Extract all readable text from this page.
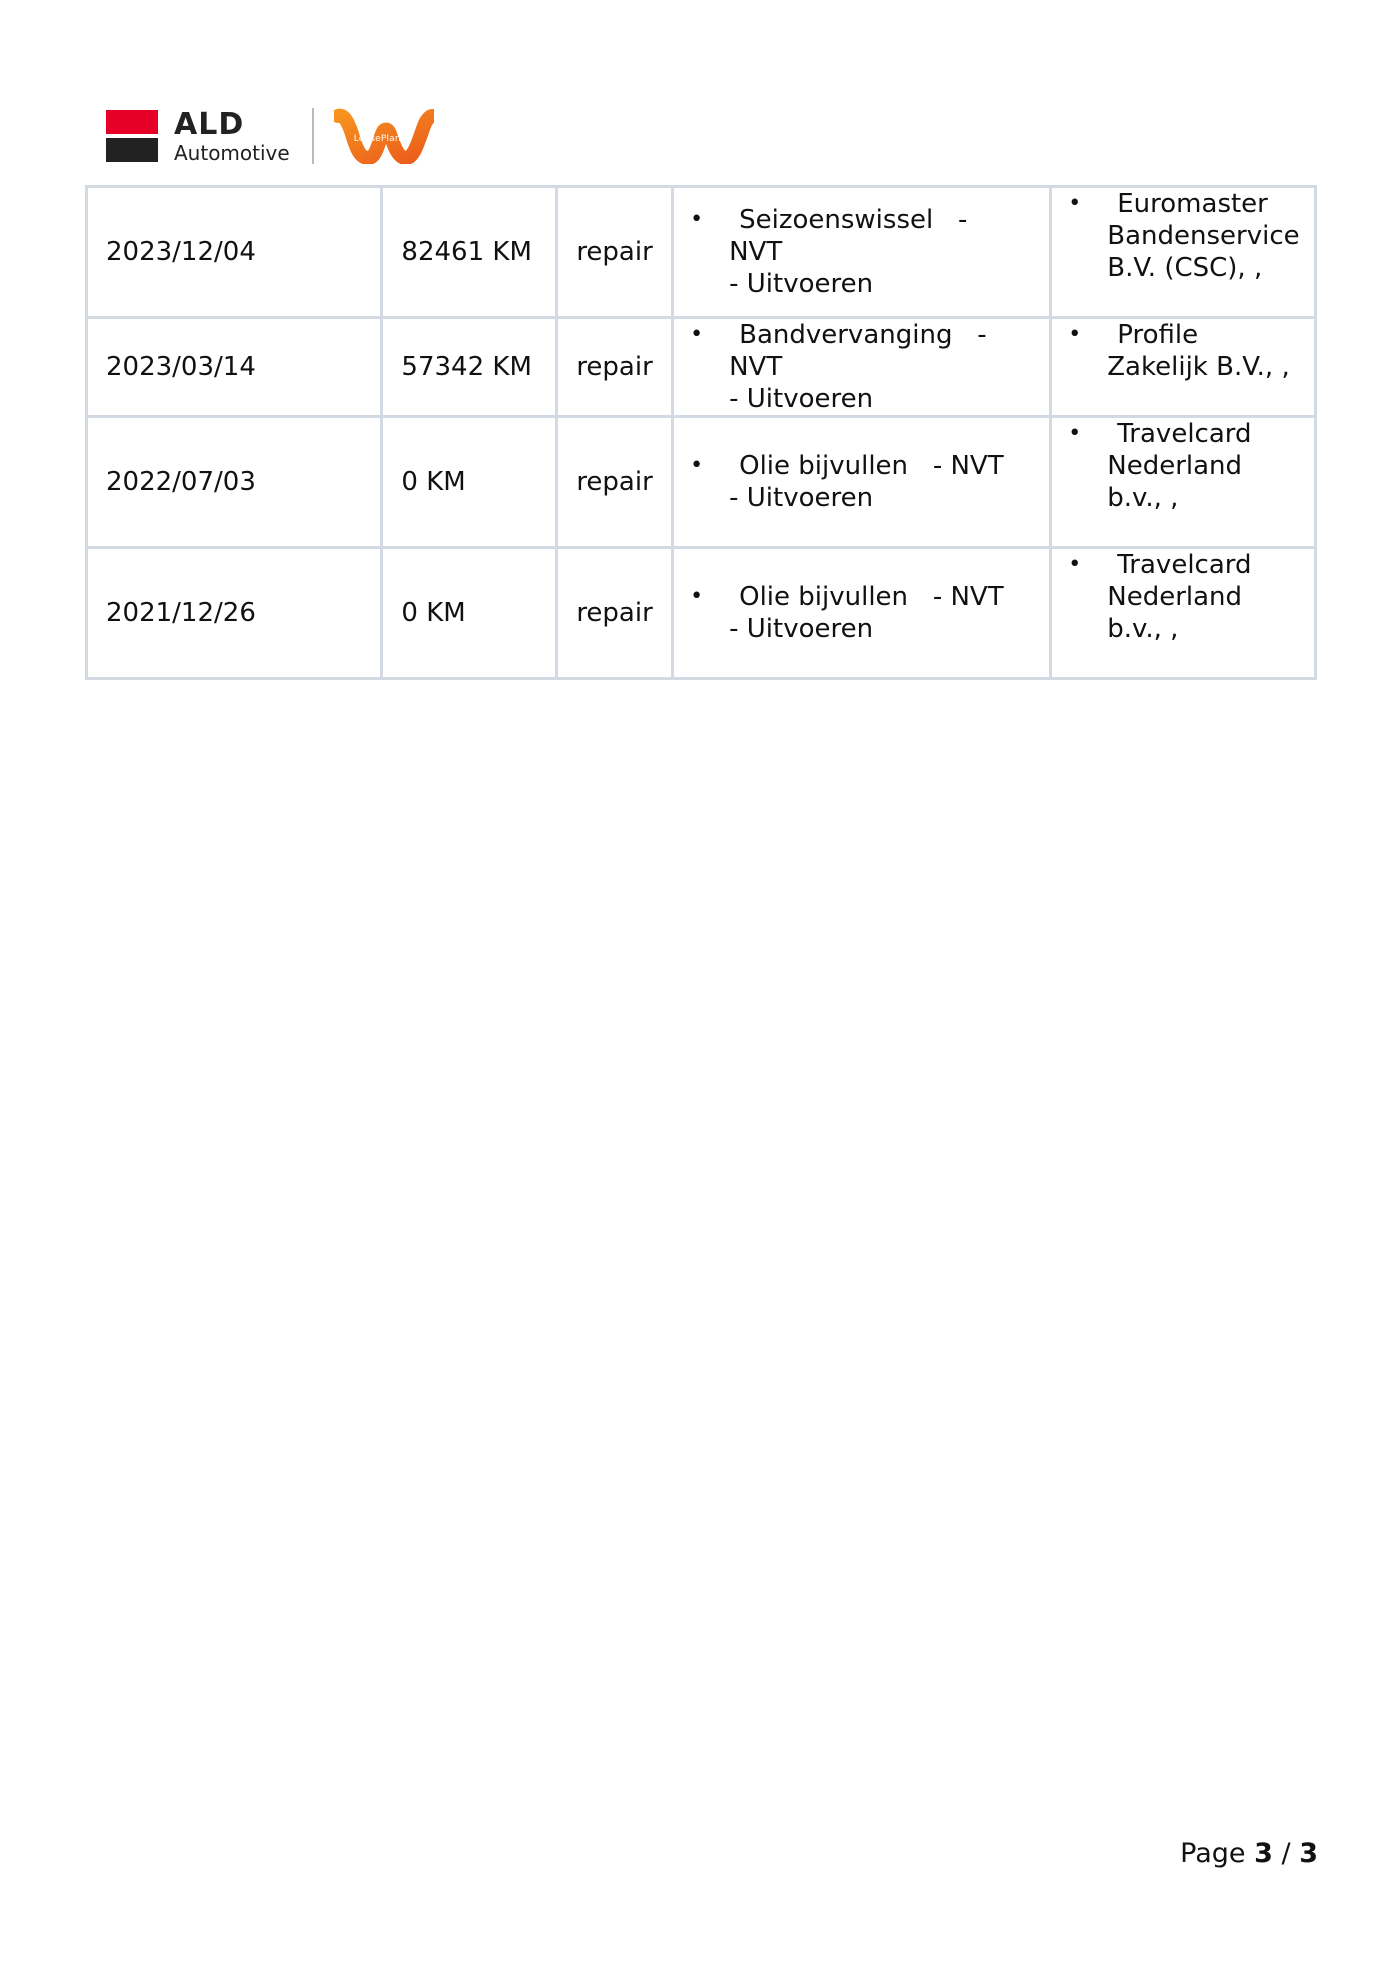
ALD
Automotive
LeasePlan
2023/12/04	82461 KM	repair	• Seizoenswissel   -
NVT
- Uitvoeren	• Euromaster
Bandenservice
B.V. (CSC), ,

2023/03/14	57342 KM	repair	• Bandvervanging   -
NVT
- Uitvoeren	• Profile
Zakelijk B.V., ,

2022/07/03	0 KM	repair	• Olie bijvullen   - NVT
- Uitvoeren	• Travelcard
Nederland
b.v., ,

2021/12/26	0 KM	repair	• Olie bijvullen   - NVT
- Uitvoeren	• Travelcard
Nederland
b.v., ,
Page 3 / 3
